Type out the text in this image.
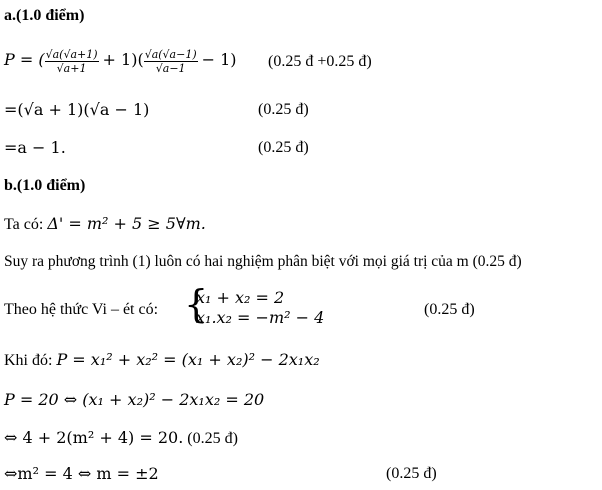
a.(1.0 điểm)
P = ( $\frac{√a(√a+1)}{√a+1} + 1)( \frac{√a(√a-1)}{√a-1} - 1)$ (0.25 đ +0.25 đ)
=(√a + 1)(√a − 1)	(0.25 đ)
=a − 1.	(0.25 đ)
b.(1.0 điểm)
Ta có: Δ' = m² + 5 ≥ 5∀m.
Suy ra phương trình (1) luôn có hai nghiệm phân biệt với mọi giá trị của m (0.25 đ)
Theo hệ thức Vi – ét có: {
x₁ + x₂ = 2
x₁.x₂ = −m² − 4	(0.25 đ)
Khi đó: P = x₁² + x₂² = (x₁ + x₂)² − 2x₁x₂
P = 20 ⇔ (x₁ + x₂)² − 2x₁x₂ = 20
⇔ 4 + 2(m² + 4) = 20. (0.25 đ)
⇔m² = 4 ⇔ m = ±2	(0.25 đ)
